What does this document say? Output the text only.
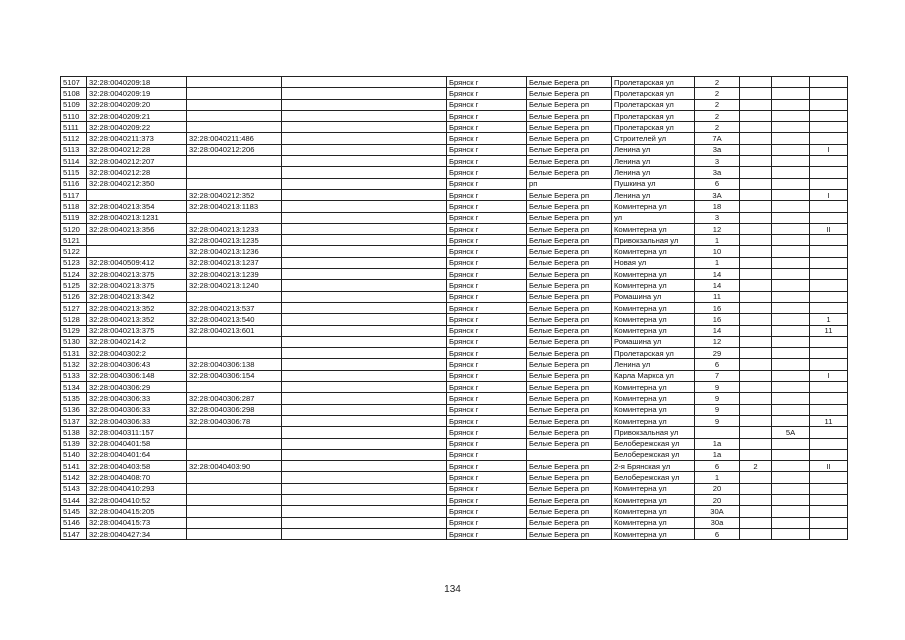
5107	32:28:0040209:18			Брянск г	Белые Берега рп	Пролетарская ул	2			
5108	32:28:0040209:19			Брянск г	Белые Берега рп	Пролетарская ул	2			
5109	32:28:0040209:20			Брянск г	Белые Берега рп	Пролетарская ул	2			
5110	32:28:0040209:21			Брянск г	Белые Берега рп	Пролетарская ул	2			
5111	32:28:0040209:22			Брянск г	Белые Берега рп	Пролетарская ул	2			
5112	32:28:0040211:373	32:28:0040211:486		Брянск г	Белые Берега рп	Строителей ул	7А			
5113	32:28:0040212:28	32:28:0040212:206		Брянск г	Белые Берега рп	Ленина ул	3а			I
5114	32:28:0040212:207			Брянск г	Белые Берега рп	Ленина ул	3			
5115	32:28:0040212:28			Брянск г	Белые Берега рп	Ленина ул	3а			
5116	32:28:0040212:350			Брянск г	рп	Пушкина ул	6			
5117		32:28:0040212:352		Брянск г	Белые Берега рп	Ленина ул	3А			I
5118	32:28:0040213:354	32:28:0040213:1183		Брянск г	Белые Берега рп	Коминтерна ул	18			
5119	32:28:0040213:1231			Брянск г	Белые Берега рп	ул	3			
5120	32:28:0040213:356	32:28:0040213:1233		Брянск г	Белые Берега рп	Коминтерна ул	12			II
5121		32:28:0040213:1235		Брянск г	Белые Берега рп	Привокзальная ул	1			
5122		32:28:0040213:1236		Брянск г	Белые Берега рп	Коминтерна ул	10			
5123	32:28:0040509:412	32:28:0040213:1237		Брянск г	Белые Берега рп	Новая ул	1			
5124	32:28:0040213:375	32:28:0040213:1239		Брянск г	Белые Берега рп	Коминтерна ул	14			
5125	32:28:0040213:375	32:28:0040213:1240		Брянск г	Белые Берега рп	Коминтерна ул	14			
5126	32:28:0040213:342			Брянск г	Белые Берега рп	Ромашина ул	11			
5127	32:28:0040213:352	32:28:0040213:537		Брянск г	Белые Берега рп	Коминтерна ул	16			
5128	32:28:0040213:352	32:28:0040213:540		Брянск г	Белые Берега рп	Коминтерна ул	16			1
5129	32:28:0040213:375	32:28:0040213:601		Брянск г	Белые Берега рп	Коминтерна ул	14			11
5130	32:28:0040214:2			Брянск г	Белые Берега рп	Ромашина ул	12			
5131	32:28:0040302:2			Брянск г	Белые Берега рп	Пролетарская ул	29			
5132	32:28:0040306:43	32:28:0040306:138		Брянск г	Белые Берега рп	Ленина ул	6			
5133	32:28:0040306:148	32:28:0040306:154		Брянск г	Белые Берега рп	Карла Маркса ул	7			I
5134	32:28:0040306:29			Брянск г	Белые Берега рп	Коминтерна ул	9			
5135	32:28:0040306:33	32:28:0040306:287		Брянск г	Белые Берега рп	Коминтерна ул	9			
5136	32:28:0040306:33	32:28:0040306:298		Брянск г	Белые Берега рп	Коминтерна ул	9			
5137	32:28:0040306:33	32:28:0040306:78		Брянск г	Белые Берега рп	Коминтерна ул	9			11
5138	32:28:0040311:157			Брянск г	Белые Берега рп	Привокзальная ул			5А	
5139	32:28:0040401:58			Брянск г	Белые Берега рп	Белобережская ул	1а			
5140	32:28:0040401:64			Брянск г		Белобережская ул	1а			
5141	32:28:0040403:58	32:28:0040403:90		Брянск г	Белые Берега рп	2-я Брянская ул	6	2		II
5142	32:28:0040408:70			Брянск г	Белые Берега рп	Белобережская ул	1			
5143	32:28:0040410:293			Брянск г	Белые Берега рп	Коминтерна ул	20			
5144	32:28:0040410:52			Брянск г	Белые Берега рп	Коминтерна ул	20			
5145	32:28:0040415:205			Брянск г	Белые Берега рп	Коминтерна ул	30А			
5146	32:28:0040415:73			Брянск г	Белые Берега рп	Коминтерна ул	30а			
5147	32:28:0040427:34			Брянск г	Белые Берега рп	Коминтерна ул	6			
134
